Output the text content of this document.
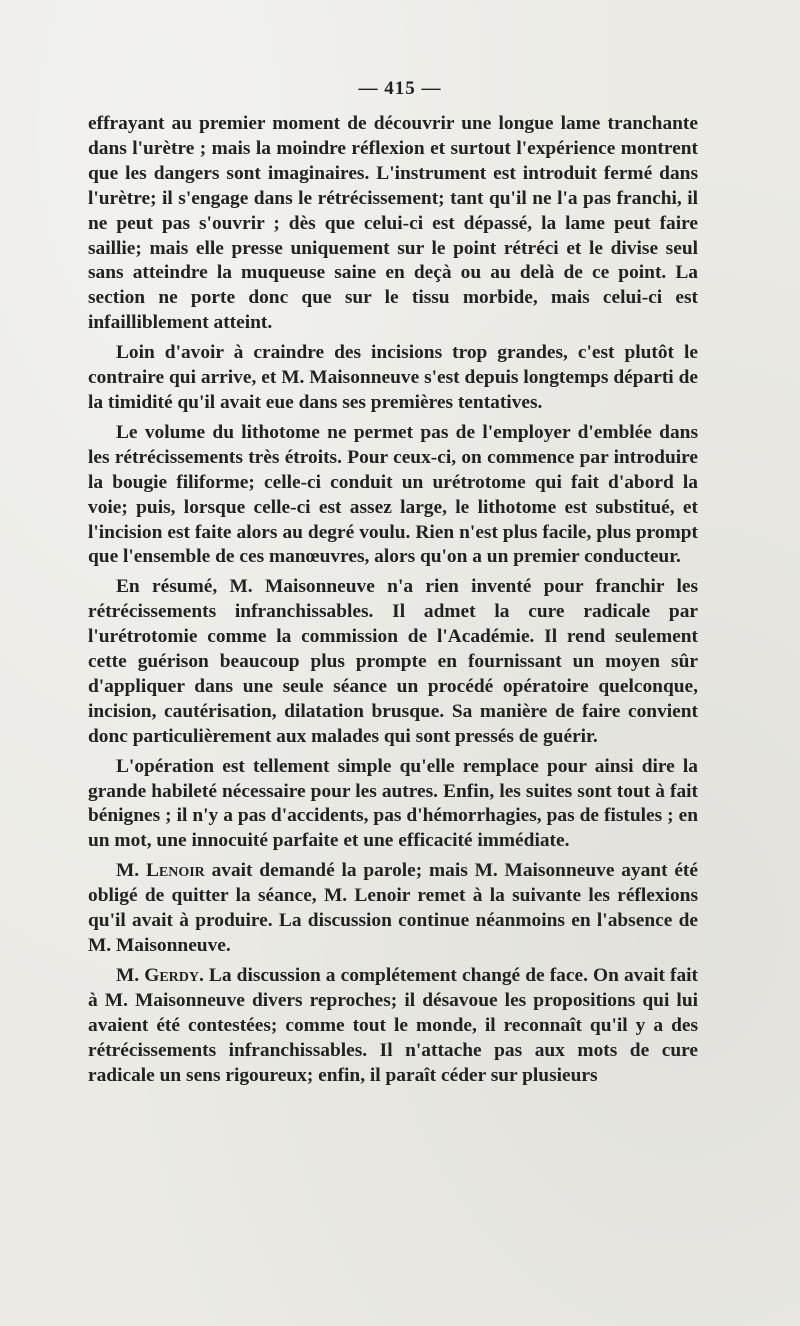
— 415 —

effrayant au premier moment de découvrir une longue lame tranchante dans l'urètre ; mais la moindre réflexion et surtout l'expérience montrent que les dangers sont imaginaires. L'instrument est introduit fermé dans l'urètre; il s'engage dans le rétrécissement; tant qu'il ne l'a pas franchi, il ne peut pas s'ouvrir ; dès que celui-ci est dépassé, la lame peut faire saillie; mais elle presse uniquement sur le point rétréci et le divise seul sans atteindre la muqueuse saine en deçà ou au delà de ce point. La section ne porte donc que sur le tissu morbide, mais celui-ci est infailliblement atteint.

Loin d'avoir à craindre des incisions trop grandes, c'est plutôt le contraire qui arrive, et M. Maisonneuve s'est depuis longtemps départi de la timidité qu'il avait eue dans ses premières tentatives.

Le volume du lithotome ne permet pas de l'employer d'emblée dans les rétrécissements très étroits. Pour ceux-ci, on commence par introduire la bougie filiforme; celle-ci conduit un urétrotome qui fait d'abord la voie; puis, lorsque celle-ci est assez large, le lithotome est substitué, et l'incision est faite alors au degré voulu. Rien n'est plus facile, plus prompt que l'ensemble de ces manœuvres, alors qu'on a un premier conducteur.

En résumé, M. Maisonneuve n'a rien inventé pour franchir les rétrécissements infranchissables. Il admet la cure radicale par l'urétrotomie comme la commission de l'Académie. Il rend seulement cette guérison beaucoup plus prompte en fournissant un moyen sûr d'appliquer dans une seule séance un procédé opératoire quelconque, incision, cautérisation, dilatation brusque. Sa manière de faire convient donc particulièrement aux malades qui sont pressés de guérir.

L'opération est tellement simple qu'elle remplace pour ainsi dire la grande habileté nécessaire pour les autres. Enfin, les suites sont tout à fait bénignes ; il n'y a pas d'accidents, pas d'hémorrhagies, pas de fistules ; en un mot, une innocuité parfaite et une efficacité immédiate.

M. Lenoir avait demandé la parole; mais M. Maisonneuve ayant été obligé de quitter la séance, M. Lenoir remet à la suivante les réflexions qu'il avait à produire. La discussion continue néanmoins en l'absence de M. Maisonneuve.

M. Gerdy. La discussion a complétement changé de face. On avait fait à M. Maisonneuve divers reproches; il désavoue les propositions qui lui avaient été contestées; comme tout le monde, il reconnaît qu'il y a des rétrécissements infranchissables. Il n'attache pas aux mots de cure radicale un sens rigoureux; enfin, il paraît céder sur plusieurs
